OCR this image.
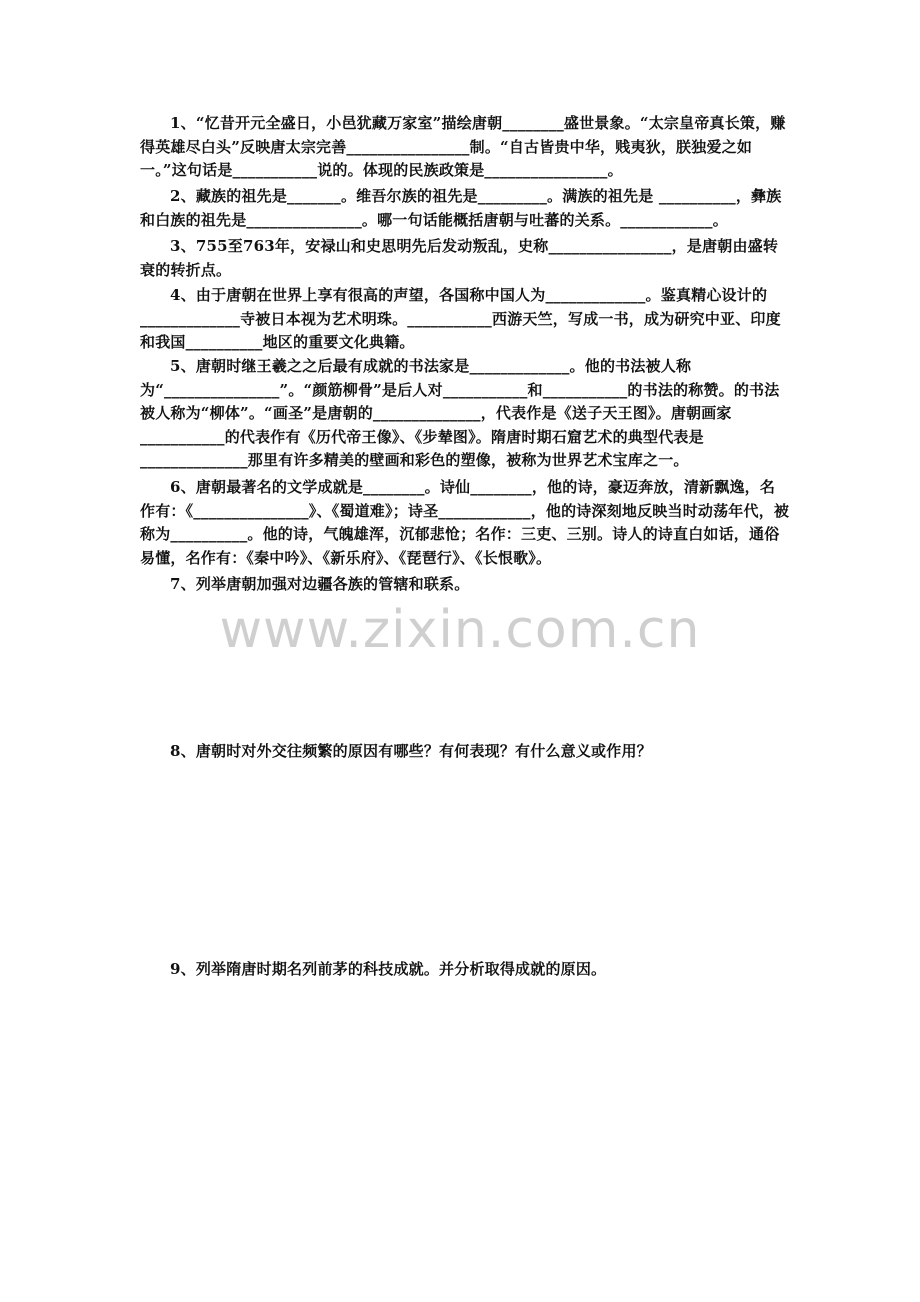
1、“忆昔开元全盛日，小邑犹藏万家室”描绘唐朝________盛世景象。“太宗皇帝真长策，赚得英雄尽白头”反映唐太宗完善________________制。“自古皆贵中华，贱夷狄，朕独爱之如一。”这句话是___________说的。体现的民族政策是________________。
2、藏族的祖先是_______。维吾尔族的祖先是_________。满族的祖先是 __________，彝族和白族的祖先是_______________。哪一句话能概括唐朝与吐蕃的关系。____________。
3、755至763年，安禄山和史思明先后发动叛乱，史称________________，是唐朝由盛转衰的转折点。
4、由于唐朝在世界上享有很高的声望，各国称中国人为_____________。鉴真精心设计的_____________寺被日本视为艺术明珠。___________西游天竺，写成一书，成为研究中亚、印度和我国__________地区的重要文化典籍。
5、唐朝时继王羲之之后最有成就的书法家是_____________。他的书法被人称为“_______________”。“颜筋柳骨”是后人对___________和___________的书法的称赞。的书法被人称为“柳体”。“画圣”是唐朝的______________，代表作是《送子天王图》。唐朝画家___________的代表作有《历代帝王像》、《步辇图》。隋唐时期石窟艺术的典型代表是______________那里有许多精美的壁画和彩色的塑像，被称为世界艺术宝库之一。
6、唐朝最著名的文学成就是________。诗仙________，他的诗，豪迈奔放，清新飘逸，名作有：《_______________》、《蜀道难》；诗圣____________，他的诗深刻地反映当时动荡年代，被称为__________。他的诗，气魄雄浑，沉郁悲怆；名作：三吏、三别。诗人的诗直白如话，通俗易懂，名作有：《秦中吟》、《新乐府》、《琵琶行》、《长恨歌》。
7、列举唐朝加强对边疆各族的管辖和联系。
www.zixin.com.cn
8、唐朝时对外交往频繁的原因有哪些？有何表现？有什么意义或作用？
9、列举隋唐时期名列前茅的科技成就。并分析取得成就的原因。
